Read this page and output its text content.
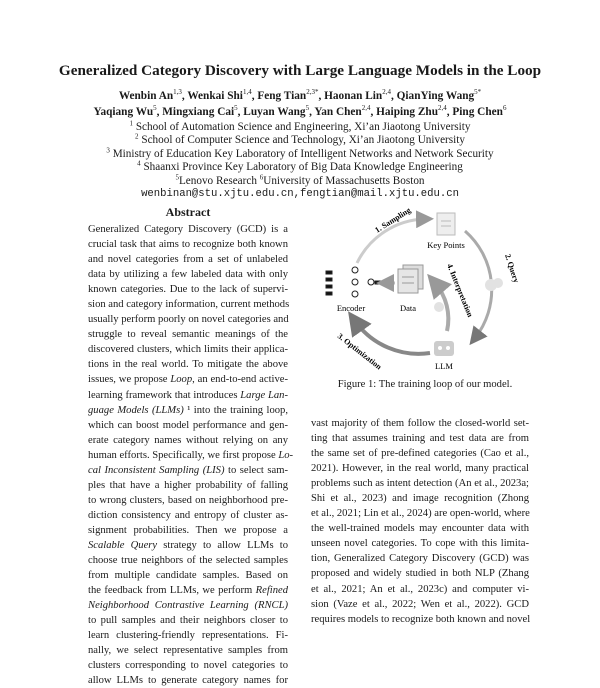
Generalized Category Discovery with Large Language Models in the Loop
Wenbin An$^{1,3}$, Wenkai Shi$^{1,4}$, Feng Tian$^{2,3*}$, Haonan Lin$^{2,4}$, QianYing Wang$^{5*}$
Yaqiang Wu$^5$, Mingxiang Cai$^5$, Luyan Wang$^5$, Yan Chen$^{2,4}$, Haiping Zhu$^{2,4}$, Ping Chen$^6$
$^1$ School of Automation Science and Engineering, Xi’an Jiaotong University
$^2$ School of Computer Science and Technology, Xi’an Jiaotong University
$^3$ Ministry of Education Key Laboratory of Intelligent Networks and Network Security
$^4$ Shaanxi Province Key Laboratory of Big Data Knowledge Engineering
$^5$Lenovo Research $^6$University of Massachusetts Boston
wenbinan@stu.xjtu.edu.cn,fengtian@mail.xjtu.edu.cn
Abstract
Generalized Category Discovery (GCD) is a
crucial task that aims to recognize both known
and novel categories from a set of unlabeled
data by utilizing a few labeled data with only
known categories. Due to the lack of supervi-
sion and category information, current methods
usually perform poorly on novel categories and
struggle to reveal semantic meanings of the
discovered clusters, which limits their applica-
tions in the real world. To mitigate the above
issues, we propose Loop, an end-to-end active-
learning framework that introduces Large Lan-
guage Models (LLMs) ¹ into the training loop,
which can boost model performance and gen-
erate category names without relying on any
human efforts. Specifically, we first propose Lo-
cal Inconsistent Sampling (LIS) to select sam-
ples that have a higher probability of falling
to wrong clusters, based on neighborhood pre-
diction consistency and entropy of cluster as-
signment probabilities. Then we propose a
Scalable Query strategy to allow LLMs to
choose true neighbors of the selected samples
from multiple candidate samples. Based on
the feedback from LLMs, we perform Refined
Neighborhood Contrastive Learning (RNCL)
to pull samples and their neighbors closer to
learn clustering-friendly representations. Fi-
nally, we select representative samples from
clusters corresponding to novel categories to
allow LLMs to generate category names for
1. Sampling
2. Query
3. Optimization
4. Interpretation
Key Points
Encoder	Data
LLM
Figure 1: The training loop of our model.
vast majority of them follow the closed-world set-
ting that assumes training and test data are from
the same set of pre-defined categories (Cao et al.,
2021). However, in the real world, many practical
problems such as intent detection (An et al., 2023a;
Shi et al., 2023) and image recognition (Zhong
et al., 2021; Lin et al., 2024) are open-world, where
the well-trained models may encounter data with
unseen novel categories. To cope with this limita-
tion, Generalized Category Discovery (GCD) was
proposed and widely studied in both NLP (Zhang
et al., 2021; An et al., 2023c) and computer vi-
sion (Vaze et al., 2022; Wen et al., 2022). GCD
requires models to recognize both known and novel
